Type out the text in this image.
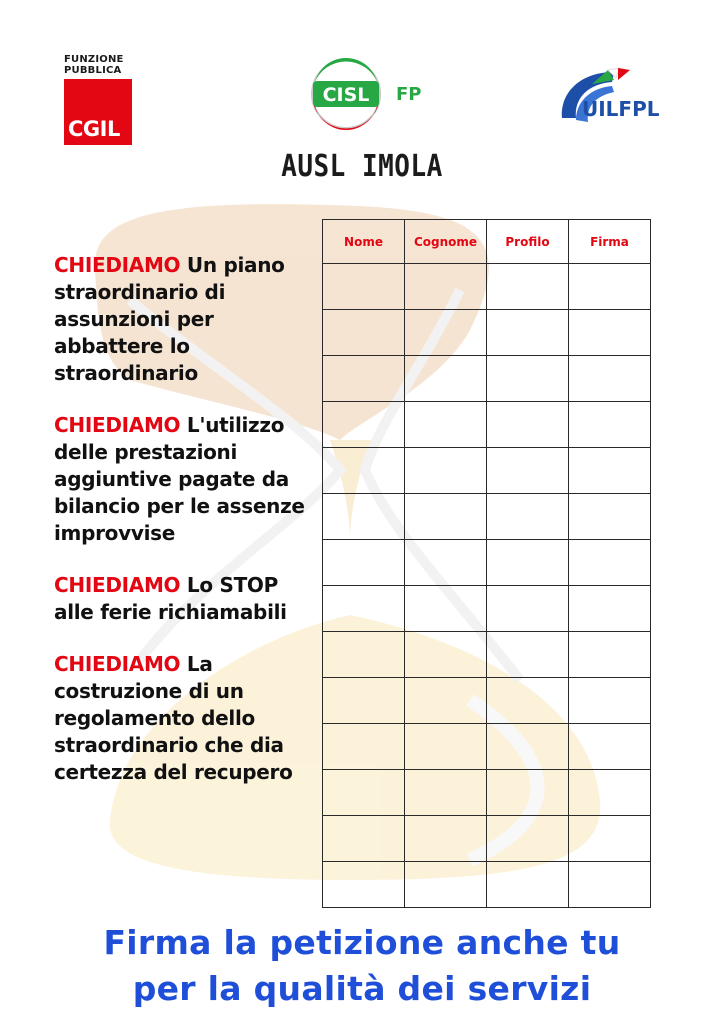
FUNZIONE PUBBLICA
CGIL
CISL FP
UILFPL
AUSL IMOLA
CHIEDIAMO Un piano straordinario di assunzioni per abbattere lo straordinario
CHIEDIAMO L'utilizzo delle prestazioni aggiuntive pagate da bilancio per le assenze improvvise
CHIEDIAMO Lo STOP alle ferie richiamabili
CHIEDIAMO La costruzione di un regolamento dello straordinario che dia certezza del recupero
Nome	Cognome	Profilo	Firma

Firma la petizione anche tu
per la qualità dei servizi
